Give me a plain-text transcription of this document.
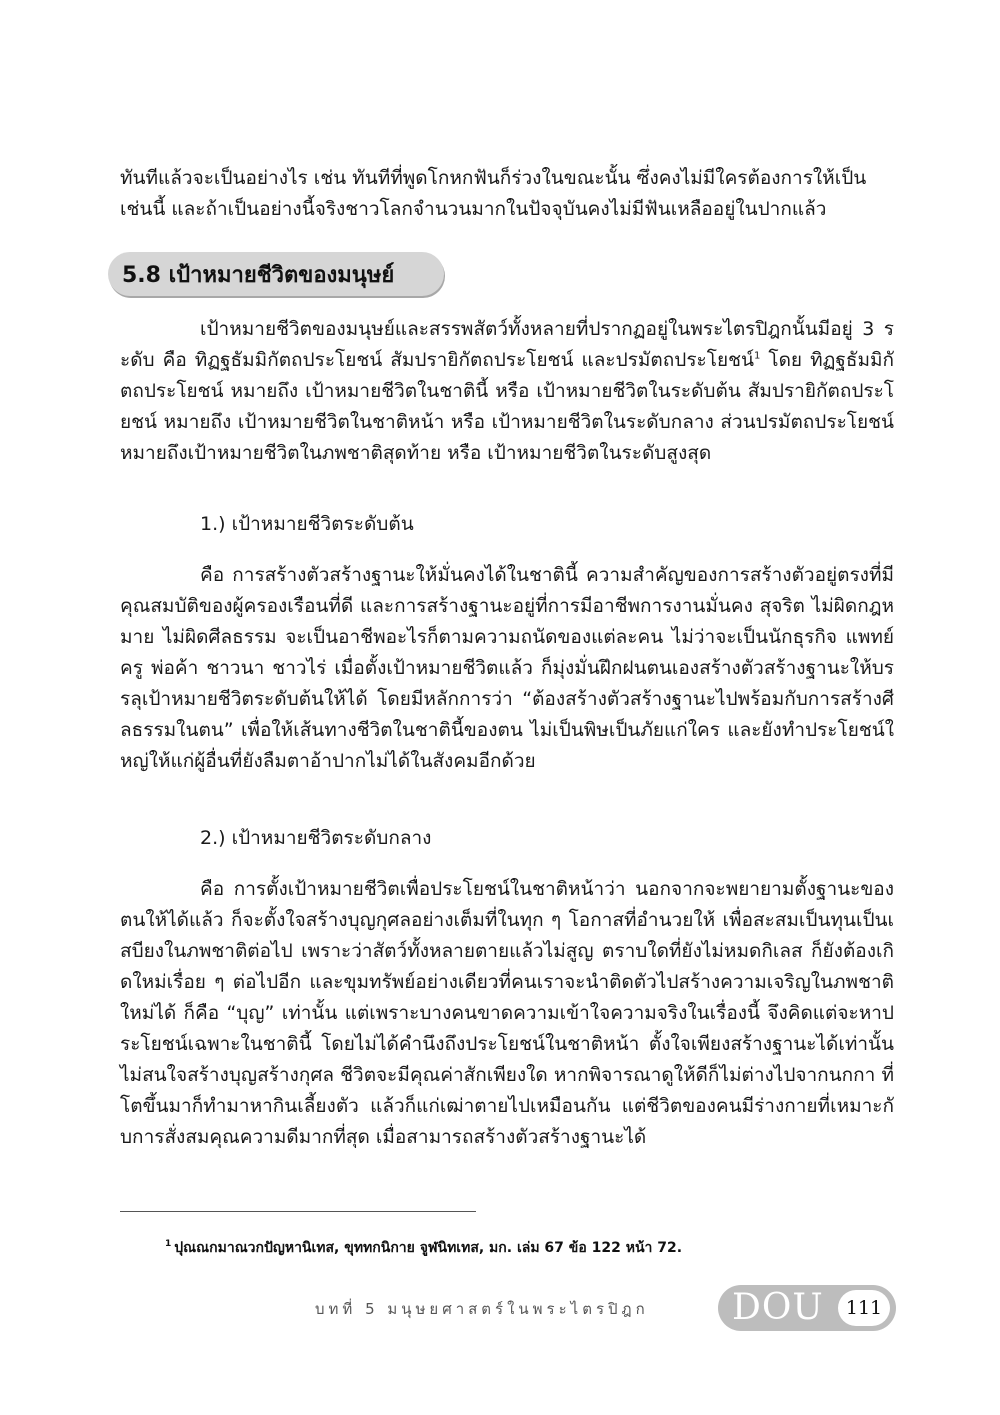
ทันทีแล้วจะเป็นอย่างไร เช่น ทันทีที่พูดโกหกฟันก็ร่วงในขณะนั้น ซึ่งคงไม่มีใครต้องการให้เป็น
เช่นนี้ และถ้าเป็นอย่างนี้จริงชาวโลกจำนวนมากในปัจจุบันคงไม่มีฟันเหลืออยู่ในปากแล้ว
5.8 เป้าหมายชีวิตของมนุษย์

เป้าหมายชีวิตของมนุษย์และสรรพสัตว์ทั้งหลายที่ปรากฏอยู่ในพระไตรปิฎกนั้นมีอยู่ 3 ระดับ คือ ทิฏฐธัมมิกัตถประโยชน์ สัมปรายิกัตถประโยชน์ และปรมัตถประโยชน์$^1$ โดย ทิฏฐธัมมิกัตถประโยชน์ หมายถึง เป้าหมายชีวิตในชาตินี้ หรือ เป้าหมายชีวิตในระดับต้น สัมปรายิกัตถประโยชน์ หมายถึง เป้าหมายชีวิตในชาติหน้า หรือ เป้าหมายชีวิตในระดับกลาง ส่วนปรมัตถประโยชน์หมายถึงเป้าหมายชีวิตในภพชาติสุดท้าย หรือ เป้าหมายชีวิตในระดับสูงสุด

1.) เป้าหมายชีวิตระดับต้น

คือ การสร้างตัวสร้างฐานะให้มั่นคงได้ในชาตินี้ ความสำคัญของการสร้างตัวอยู่ตรงที่มีคุณสมบัติของผู้ครองเรือนที่ดี และการสร้างฐานะอยู่ที่การมีอาชีพการงานมั่นคง สุจริต ไม่ผิดกฎหมาย ไม่ผิดศีลธรรม จะเป็นอาชีพอะไรก็ตามความถนัดของแต่ละคน ไม่ว่าจะเป็นนักธุรกิจ แพทย์ ครู พ่อค้า ชาวนา ชาวไร่ เมื่อตั้งเป้าหมายชีวิตแล้ว ก็มุ่งมั่นฝึกฝนตนเองสร้างตัวสร้างฐานะให้บรรลุเป้าหมายชีวิตระดับต้นให้ได้ โดยมีหลักการว่า “ต้องสร้างตัวสร้างฐานะไปพร้อมกับการสร้างศีลธรรมในตน” เพื่อให้เส้นทางชีวิตในชาตินี้ของตน ไม่เป็นพิษเป็นภัยแก่ใคร และยังทำประโยชน์ใหญ่ให้แก่ผู้อื่นที่ยังลืมตาอ้าปากไม่ได้ในสังคมอีกด้วย

2.) เป้าหมายชีวิตระดับกลาง

คือ การตั้งเป้าหมายชีวิตเพื่อประโยชน์ในชาติหน้าว่า นอกจากจะพยายามตั้งฐานะของตนให้ได้แล้ว ก็จะตั้งใจสร้างบุญกุศลอย่างเต็มที่ในทุก ๆ โอกาสที่อำนวยให้ เพื่อสะสมเป็นทุนเป็นเสบียงในภพชาติต่อไป เพราะว่าสัตว์ทั้งหลายตายแล้วไม่สูญ ตราบใดที่ยังไม่หมดกิเลส ก็ยังต้องเกิดใหม่เรื่อย ๆ ต่อไปอีก และขุมทรัพย์อย่างเดียวที่คนเราจะนำติดตัวไปสร้างความเจริญในภพชาติใหม่ได้ ก็คือ “บุญ” เท่านั้น แต่เพราะบางคนขาดความเข้าใจความจริงในเรื่องนี้ จึงคิดแต่จะหาประโยชน์เฉพาะในชาตินี้ โดยไม่ได้คำนึงถึงประโยชน์ในชาติหน้า ตั้งใจเพียงสร้างฐานะได้เท่านั้น ไม่สนใจสร้างบุญสร้างกุศล ชีวิตจะมีคุณค่าสักเพียงใด หากพิจารณาดูให้ดีก็ไม่ต่างไปจากนกกา ที่โตขึ้นมาก็ทำมาหากินเลี้ยงตัว แล้วก็แก่เฒ่าตายไปเหมือนกัน แต่ชีวิตของคนมีร่างกายที่เหมาะกับการสั่งสมคุณความดีมากที่สุด เมื่อสามารถสร้างตัวสร้างฐานะได้

$^1$ ปุณณกมาณวกปัญหานิเทส, ขุททกนิกาย จูฬนิทเทส, มก. เล่ม 67 ข้อ 122 หน้า 72.
บทที่ 5 มนุษยศาสตร์ในพระไตรปิฎก DOU	111
